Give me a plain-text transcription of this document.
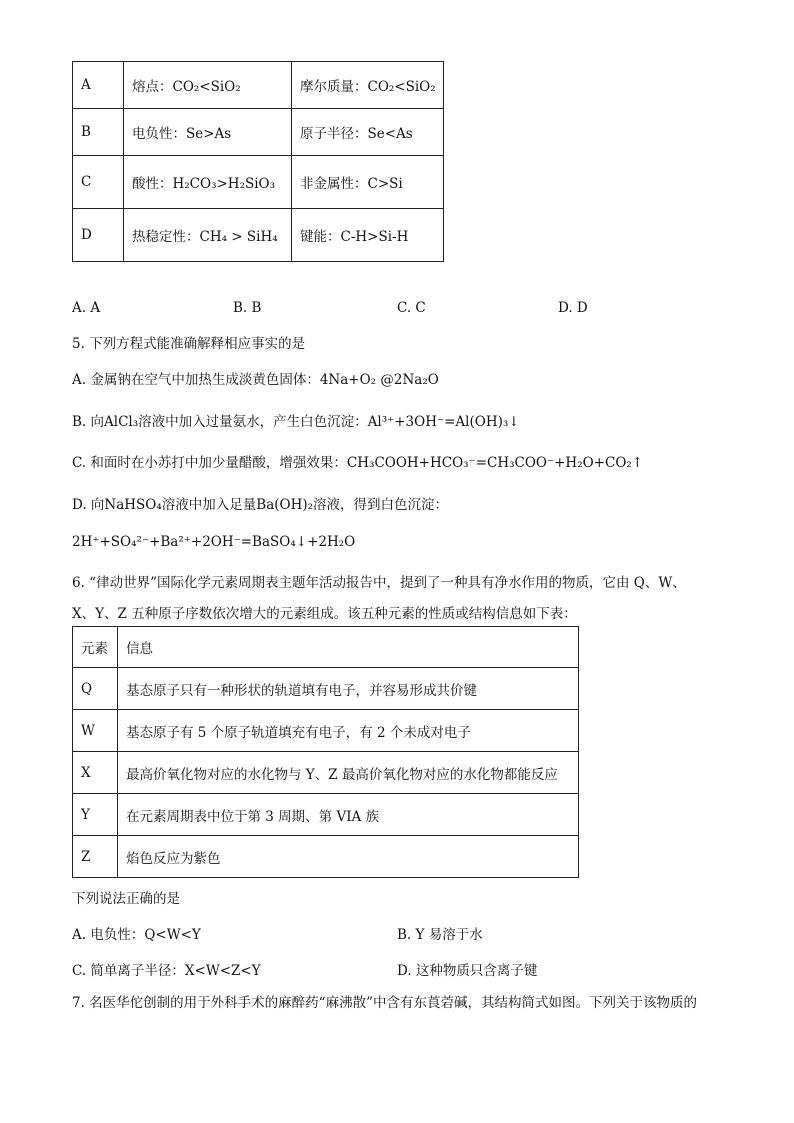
A	熔点：CO₂<SiO₂	摩尔质量：CO₂<SiO₂
B	电负性：Se>As	原子半径：Se<As
C	酸性：H₂CO₃>H₂SiO₃	非金属性：C>Si
D	热稳定性：CH₄ > SiH₄	键能：C-H>Si-H
A. A	B. B	C. C	D. D
5. 下列方程式能准确解释相应事实的是
A. 金属钠在空气中加热生成淡黄色固体：4Na+O₂ @2Na₂O
B. 向AlCl₃溶液中加入过量氨水，产生白色沉淀：Al³⁺+3OH⁻=Al(OH)₃↓
C. 和面时在小苏打中加少量醋酸，增强效果：CH₃COOH+HCO₃⁻=CH₃COO⁻+H₂O+CO₂↑
D. 向NaHSO₄溶液中加入足量Ba(OH)₂溶液，得到白色沉淀：
2H⁺+SO₄²⁻+Ba²⁺+2OH⁻=BaSO₄↓+2H₂O
6. “律动世界”国际化学元素周期表主题年活动报告中，提到了一种具有净水作用的物质，它由 Q、W、
X、Y、Z 五种原子序数依次增大的元素组成。该五种元素的性质或结构信息如下表：
元素	信息
Q	基态原子只有一种形状的轨道填有电子，并容易形成共价键
W	基态原子有 5 个原子轨道填充有电子，有 2 个未成对电子
X	最高价氧化物对应的水化物与 Y、Z 最高价氧化物对应的水化物都能反应
Y	在元素周期表中位于第 3 周期、第 VIA 族
Z	焰色反应为紫色
下列说法正确的是
A. 电负性：Q<W<Y	B. Y 易溶于水
C. 简单离子半径：X<W<Z<Y	D. 这种物质只含离子键
7. 名医华佗创制的用于外科手术的麻醉药“麻沸散”中含有东莨菪碱，其结构简式如图。下列关于该物质的
